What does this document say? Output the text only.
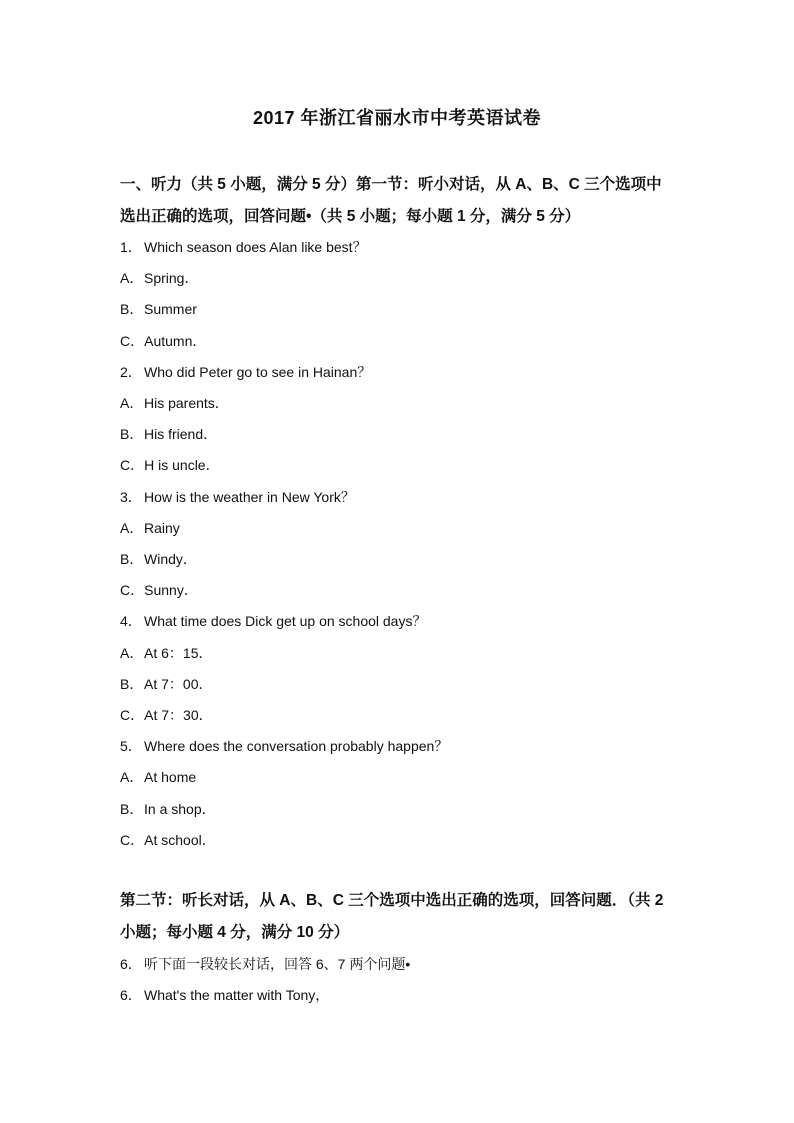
2017 年浙江省丽水市中考英语试卷

一、听力（共 5 小题，满分 5 分）第一节：听小对话，从 A、B、C 三个选项中

选出正确的选项，回答问题•（共 5 小题；每小题 1 分，满分 5 分）

1． Which season does Alan like best？

A．Spring．

B．Summer

C．Autumn．

2． Who did Peter go to see in Hainan？

A．His parents．

B．His friend．

C．H is uncle．

3． How is the weather in New York？

A．Rainy

B．Windy．

C．Sunny．

4． What time does Dick get up on school days？

A．At 6：15．

B．At 7：00．

C．At 7：30．

5． Where does the conversation probably happen？

A．At home

B．In a shop．

C．At school．

第二节：听长对话，从 A、B、C 三个选项中选出正确的选项，回答问题．（共 2

小题；每小题 4 分，满分 10 分）

6． 听下面一段较长对话，回答 6、7 两个问题•

6． What's the matter with Tony，
